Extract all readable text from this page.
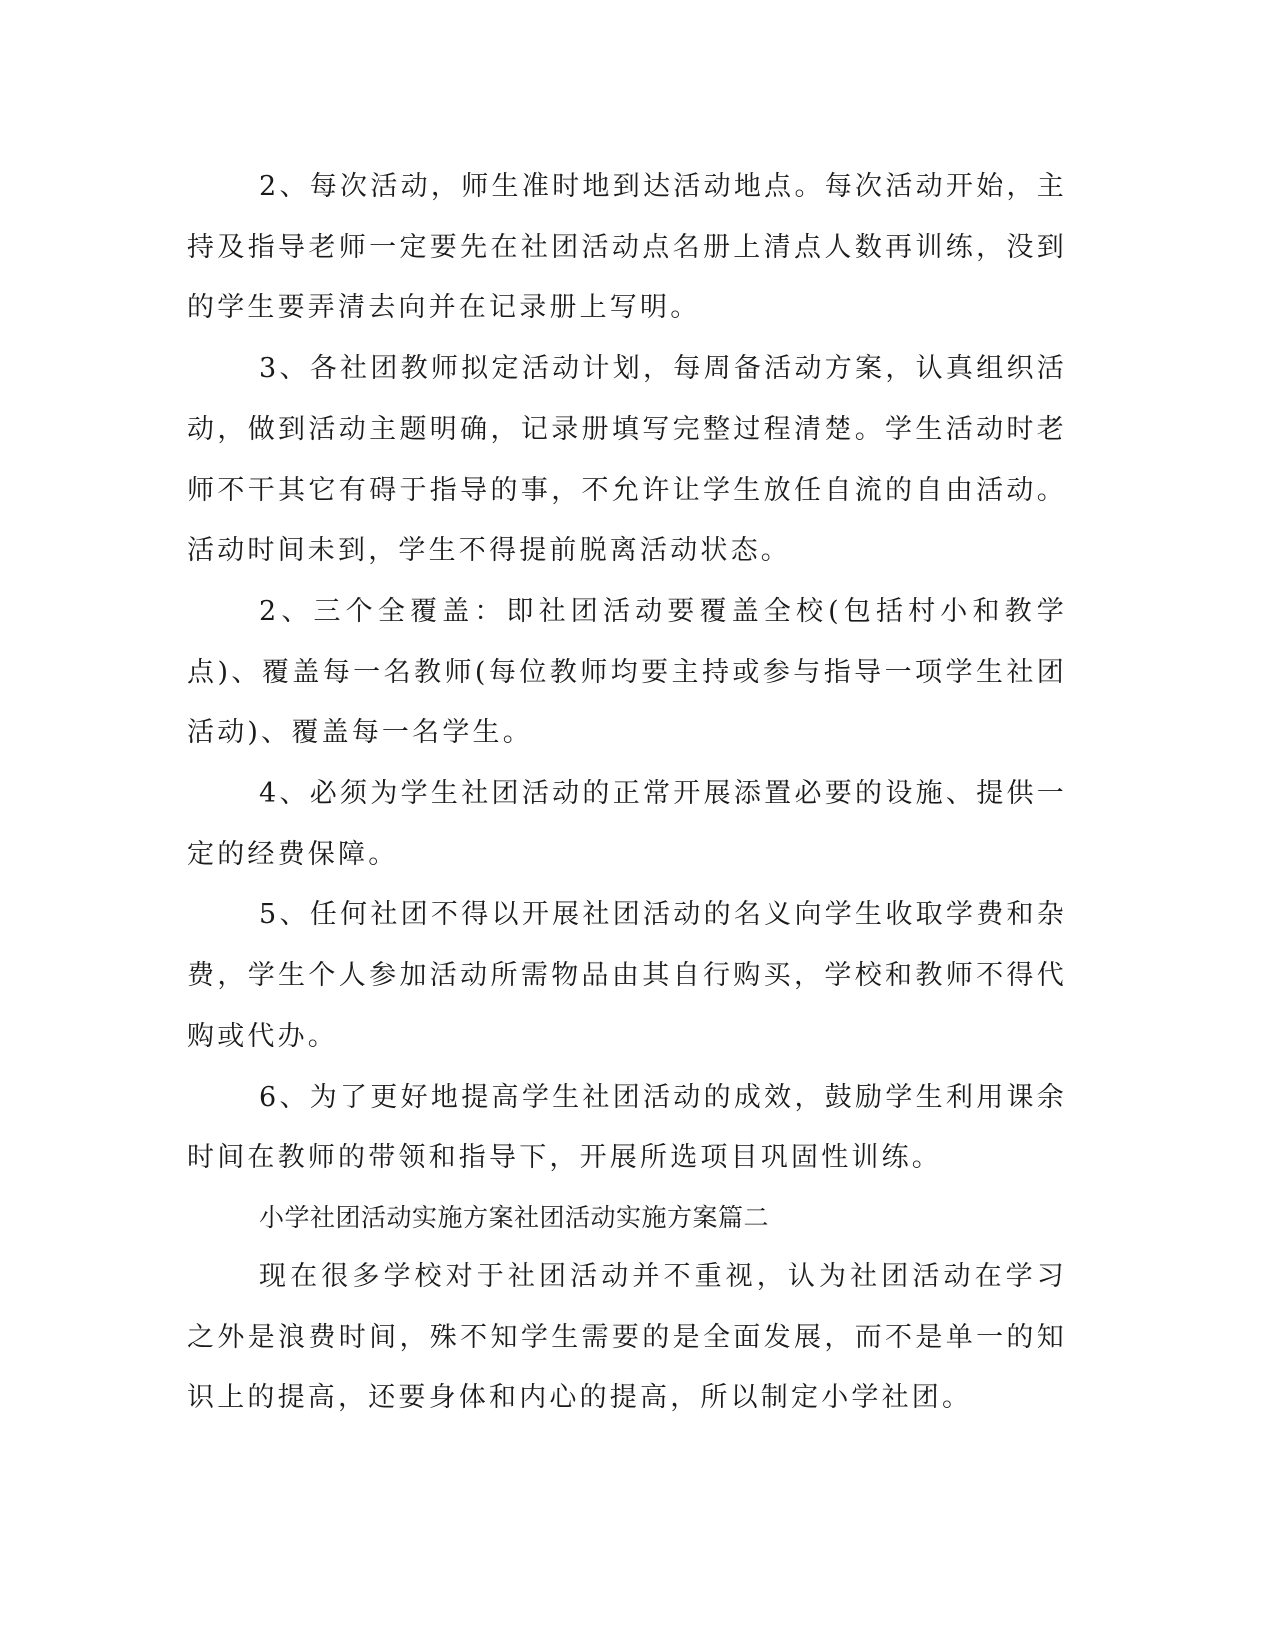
2、每次活动，师生准时地到达活动地点。每次活动开始，主持及指导老师一定要先在社团活动点名册上清点人数再训练，没到的学生要弄清去向并在记录册上写明。

3、各社团教师拟定活动计划，每周备活动方案，认真组织活动，做到活动主题明确，记录册填写完整过程清楚。学生活动时老师不干其它有碍于指导的事，不允许让学生放任自流的自由活动。活动时间未到，学生不得提前脱离活动状态。

2、三个全覆盖：即社团活动要覆盖全校(包括村小和教学点)、覆盖每一名教师(每位教师均要主持或参与指导一项学生社团活动)、覆盖每一名学生。

4、必须为学生社团活动的正常开展添置必要的设施、提供一定的经费保障。

5、任何社团不得以开展社团活动的名义向学生收取学费和杂费，学生个人参加活动所需物品由其自行购买，学校和教师不得代购或代办。

6、为了更好地提高学生社团活动的成效，鼓励学生利用课余时间在教师的带领和指导下，开展所选项目巩固性训练。

小学社团活动实施方案社团活动实施方案篇二

现在很多学校对于社团活动并不重视，认为社团活动在学习之外是浪费时间，殊不知学生需要的是全面发展，而不是单一的知识上的提高，还要身体和内心的提高，所以制定小学社团。
